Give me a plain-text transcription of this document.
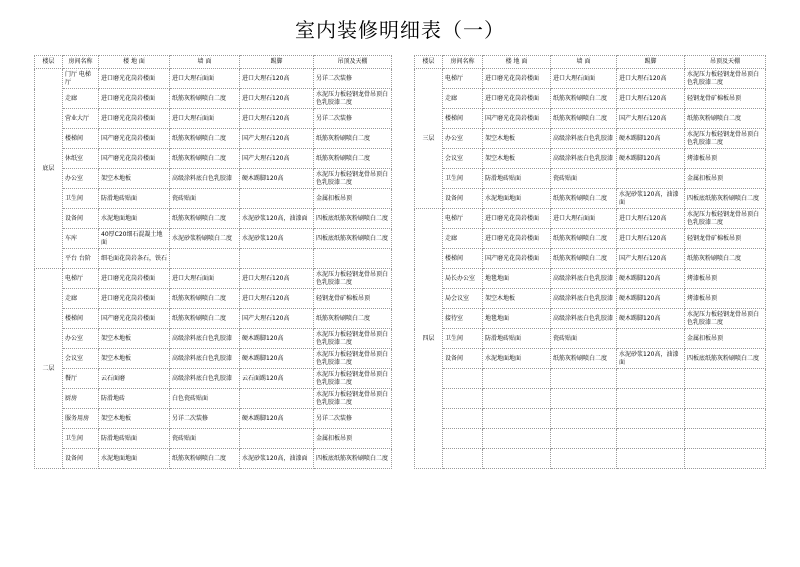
室内装修明细表（一）
楼层	房间名称	楼 地 面	墙 面	踢脚	吊顶及天棚
底层	门厅 电梯厅	进口磨光花岗岩楼面	进口大理石面面	进口大理石120高	另详二次装修
	走廊	进口磨光花岗岩楼面	纸筋灰粉刷喷白二度	进口大理石120高	水泥压力板轻钢龙骨吊顶白色乳胶漆二度
	营业大厅	进口磨光花岗岩楼面	进口大理石面面	进口大理石120高	另详二次装修
	楼梯间	国产磨光花岗岩楼面	纸筋灰粉刷喷白二度	国产大理石120高	纸筋灰粉刷喷白二度
	休纸室	国产磨光花岗岩楼面	纸筋灰粉刷喷白二度	国产大理石120高	纸筋灰粉刷喷白二度
	办公室	架空木地板	高级涂料底白色乳胶漆	硬木踢脚120高	水泥压力板轻钢龙骨吊顶白色乳胶漆二度
	卫生间	防滑地砖贴面	瓷砖贴面		金属扣板吊顶
	设备间	水泥地面地面	纸筋灰粉刷喷白二度	水泥砂浆120高，油漆面	四板底纸筋灰粉刷喷白二度
	车库	40厚C20细石混凝土地面	水泥砂浆粉刷喷白二度	水泥砂浆120高	四板底纸筋灰粉刷喷白二度
	平台 台阶	细毛面花岗岩条石，铁石			
二层	电梯厅	进口磨光花岗岩楼面	进口大理石面面	进口大理石120高	水泥压力板轻钢龙骨吊顶白色乳胶漆二度
	走廊	进口磨光花岗岩楼面	纸筋灰粉刷喷白二度	进口大理石120高	轻钢龙骨矿棉板吊顶
	楼梯间	国产磨光花岗岩楼面	纸筋灰粉刷喷白二度	国产大理石120高	纸筋灰粉刷喷白二度
	办公室	架空木地板	高级涂料底白色乳胶漆	硬木踢脚120高	水泥压力板轻钢龙骨吊顶白色乳胶漆二度
	会议室	架空木地板	高级涂料底白色乳胶漆	硬木踢脚120高	水泥压力板轻钢龙骨吊顶白色乳胶漆二度
	餐厅	云石面磨	高级涂料底白色乳胶漆	云石面踢120高	水泥压力板轻钢龙骨吊顶白色乳胶漆二度
	厨房	防滑地砖	白色瓷砖贴面		水泥压力板轻钢龙骨吊顶白色乳胶漆二度
	服务用房	架空木地板	另详二次装修	硬木踢脚120高	另详二次装修
	卫生间	防滑地砖贴面	瓷砖贴面		金属扣板吊顶
	设备间	水泥地面地面	纸筋灰粉刷喷白二度	水泥砂浆120高，油漆面	四板底纸筋灰粉刷喷白二度
楼层	房间名称	楼 地 面	墙 面	踢脚	吊顶及天棚
三层	电梯厅	进口磨光花岗岩楼面	进口大理石面面	进口大理石120高	水泥压力板轻钢龙骨吊顶白色乳胶漆二度
	走廊	进口磨光花岗岩楼面	纸筋灰粉刷喷白二度	进口大理石120高	轻钢龙骨矿棉板吊顶
	楼梯间	国产磨光花岗岩楼面	纸筋灰粉刷喷白二度	国产大理石120高	纸筋灰粉刷喷白二度
	办公室	架空木地板	高级涂料底白色乳胶漆	硬木踢脚120高	水泥压力板轻钢龙骨吊顶白色乳胶漆二度
	会议室	架空木地板	高级涂料底白色乳胶漆	硬木踢脚120高	烤漆板吊顶
	卫生间	防滑地砖贴面	瓷砖贴面		金属扣板吊顶
	设备间	水泥地面地面	纸筋灰粉刷喷白二度	水泥砂浆120高，油漆面	四板底纸筋灰粉刷喷白二度
四层	电梯厅	进口磨光花岗岩楼面	进口大理石面面	进口大理石120高	水泥压力板轻钢龙骨吊顶白色乳胶漆二度
	走廊	进口磨光花岗岩楼面	纸筋灰粉刷喷白二度	进口大理石120高	轻钢龙骨矿棉板吊顶
	楼梯间	国产磨光花岗岩楼面	纸筋灰粉刷喷白二度	国产大理石120高	纸筋灰粉刷喷白二度
	局长办公室	地毯地面	高级涂料底白色乳胶漆	硬木踢脚120高	烤漆板吊顶
	局会议室	架空木地板	高级涂料底白色乳胶漆	硬木踢脚120高	烤漆板吊顶
	接待室	地毯地面	高级涂料底白色乳胶漆	硬木踢脚120高	水泥压力板轻钢龙骨吊顶白色乳胶漆二度
	卫生间	防滑地砖贴面	瓷砖贴面		金属扣板吊顶
	设备间	水泥地面地面	纸筋灰粉刷喷白二度	水泥砂浆120高，油漆面	四板底纸筋灰粉刷喷白二度
